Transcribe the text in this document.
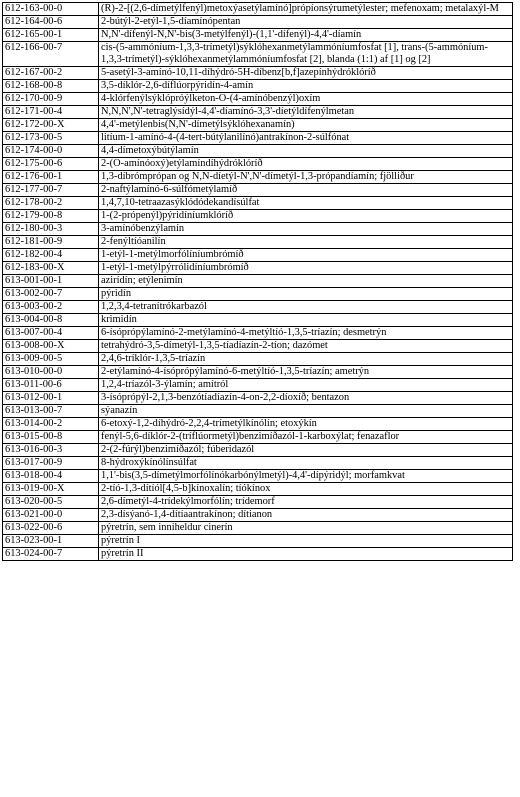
612-163-00-0	(R)-2-[(2,6-dímetýlfenýl)metoxýasetýlamínó]própíonsýrumetýlester; mefenoxam; metalaxýl-M
612-164-00-6	2-bútýl-2-etýl-1,5-díamínópentan
612-165-00-1	N,N'-dífenýl-N,N'-bis(3-metýlfenýl)-(1,1'-dífenýl)-4,4'-díamín
612-166-00-7	cis-(5-ammóníum-1,3,3-trímetýl)sýklóhexanmetýlammóníumfosfat [1], trans-(5-ammóníum-1,3,3-trímetýl)-sýklóhexanmetýlammóníumfosfat [2], blanda (1:1) af [1] og [2]
612-167-00-2	5-asetýl-3-amínó-10,11-díhýdró-5H-díbenz[b,f]azepínhýdróklóríð
612-168-00-8	3,5-díklór-2,6-díflúorpýridín-4-amín
612-170-00-9	4-klórfenýlsýklópróýlketon-O-(4-amínóbenzýl)oxím
612-171-00-4	N,N,N',N'-tetraglýsídýl-4,4'-díamínó-3,3'-díetýldífenýlmetan
612-172-00-X	4,4'-metýlenbis(N,N'-dímetýlsýklóhexanamín)
612-173-00-5	litíum-1-amínó-4-(4-tert-bútýlanilínó)antrakínon-2-súlfónat
612-174-00-0	4,4-dímetoxýbútýlamín
612-175-00-6	2-(O-amínóoxý)etýlamíndíhýdróklóríð
612-176-00-1	1,3-díbrómprópan og N,N-díetýl-N',N'-dímetýl-1,3-própandíamín; fjölliður
612-177-00-7	2-naftýlamínó-6-súlfómetýlamíð
612-178-00-2	1,4,7,10-tetraazasýklódódekandísúlfat
612-179-00-8	1-(2-própenýl)pýridíníumklóríð
612-180-00-3	3-amínóbenzýlamín
612-181-00-9	2-fenýltíóanilín
612-182-00-4	1-etýl-1-metýlmorfólíníumbrómíð
612-183-00-X	1-etýl-1-metýlpýrrólidíníumbrómíð
613-001-00-1	azirídín; etýlenimín
613-002-00-7	pýridín
613-003-00-2	1,2,3,4-tetranítrókarbazól
613-004-00-8	krimidín
613-007-00-4	6-ísóprópýlamínó-2-metýlamínó-4-metýltíó-1,3,5-tríazín; desmetrýn
613-008-00-X	tetrahýdró-3,5-dímetýl-1,3,5-tíadíazín-2-tíon; dazómet
613-009-00-5	2,4,6-tríklór-1,3,5-tríazín
613-010-00-0	2-etýlamínó-4-ísóprópýlamínó-6-metýltíó-1,3,5-tríazín; ametrýn
613-011-00-6	1,2,4-tríazól-3-ýlamín; amítról
613-012-00-1	3-ísóprópýl-2,1,3-benzótíadíazín-4-on-2,2-díoxíð; bentazon
613-013-00-7	sýanazín
613-014-00-2	6-etoxý-1,2-díhýdró-2,2,4-trímetýlkínólín; etoxýkín
613-015-00-8	fenýl-5,6-díklór-2-(tríflúormetýl)benzimíðazól-1-karboxýlat; fenazaflor
613-016-00-3	2-(2-fúrýl)benzimíðazól; fúberidazól
613-017-00-9	8-hýdroxýkínólínsúlfat
613-018-00-4	1,1'-bis(3,5-dímetýlmorfólínókarbónýlmetýl)-4,4'-dípýridýl; morfamkvat
613-019-00-X	2-tíó-1,3-dítíól[4,5-b]kínoxalín; tíókínox
613-020-00-5	2,6-dímetýl-4-trídekýlmorfólín; trídemorf
613-021-00-0	2,3-dísýanó-1,4-dítíaantrakínon; dítianon
613-022-00-6	pýretrín, sem inniheldur cinerín
613-023-00-1	pýretrín I
613-024-00-7	pýretrín II
